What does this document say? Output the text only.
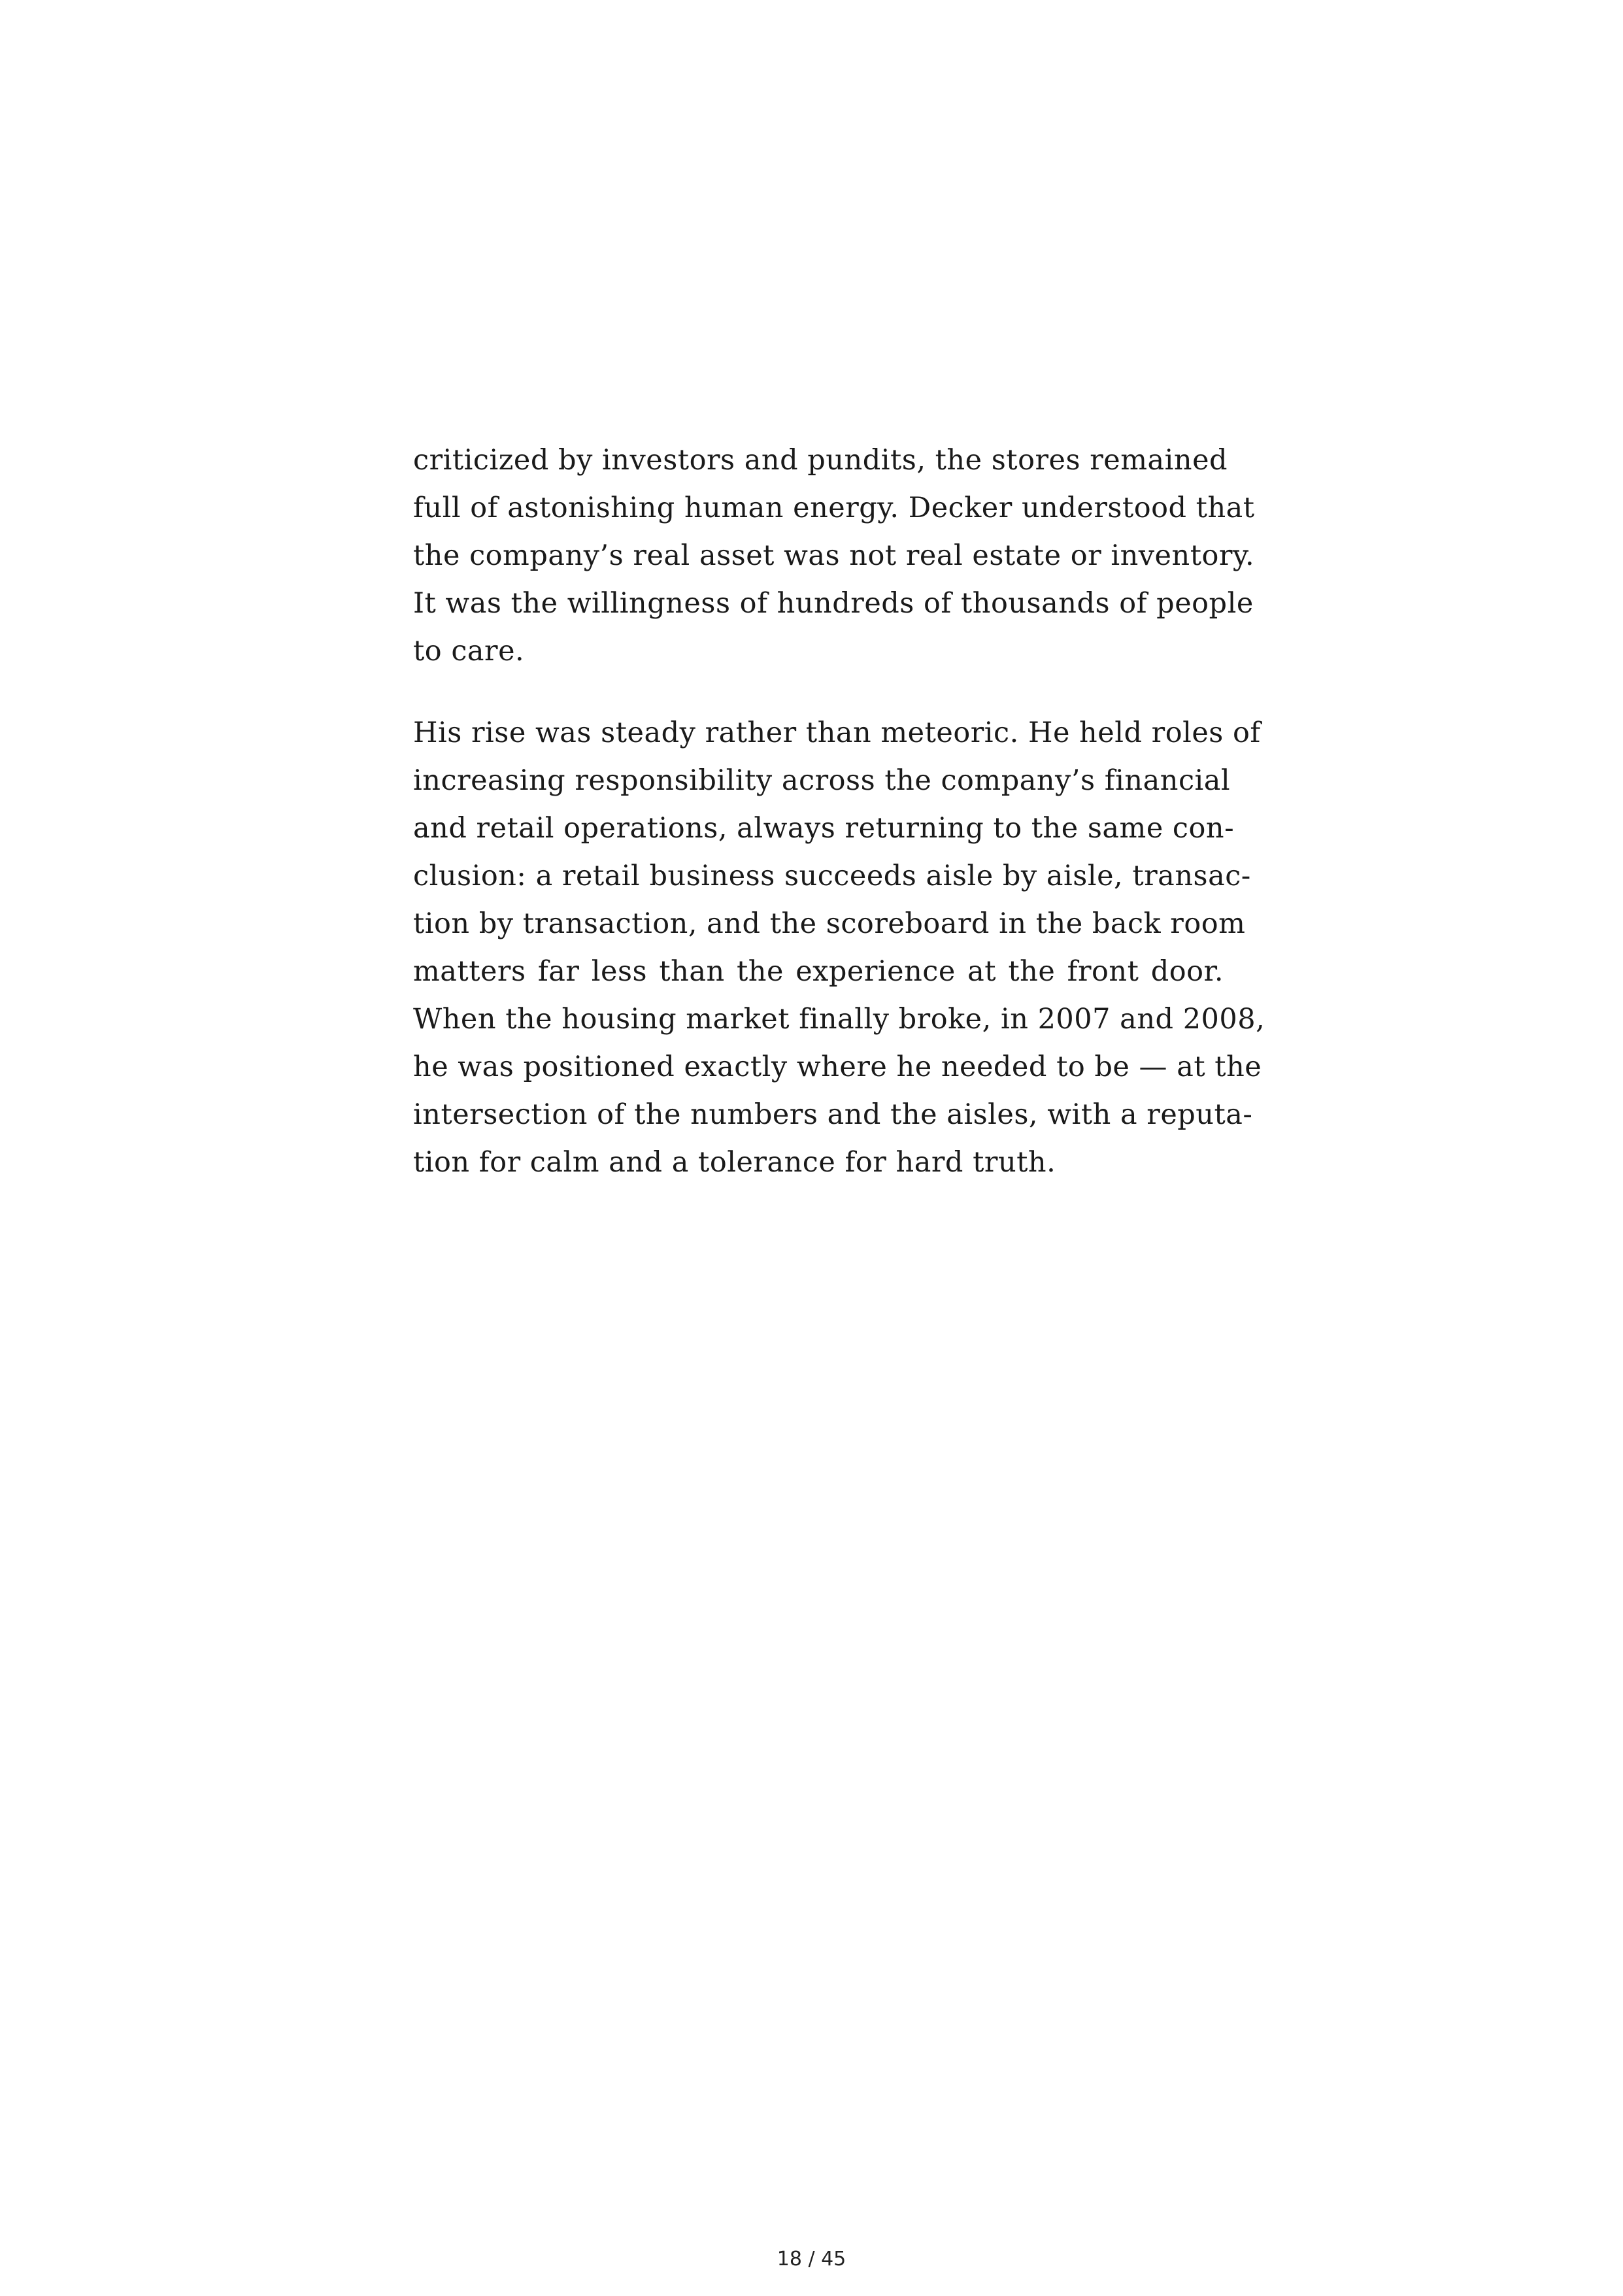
criticized by investors and pundits, the stores remained
full of astonishing human energy. Decker understood that
the company’s real asset was not real estate or inventory.
It was the willingness of hundreds of thousands of people
to care.
His rise was steady rather than meteoric. He held roles of
increasing responsibility across the company’s financial
and retail operations, always returning to the same con-
clusion: a retail business succeeds aisle by aisle, transac-
tion by transaction, and the scoreboard in the back room
matters far less than the experience at the front door.
When the housing market finally broke, in 2007 and 2008,
he was positioned exactly where he needed to be — at the
intersection of the numbers and the aisles, with a reputa-
tion for calm and a tolerance for hard truth.
18 / 45
